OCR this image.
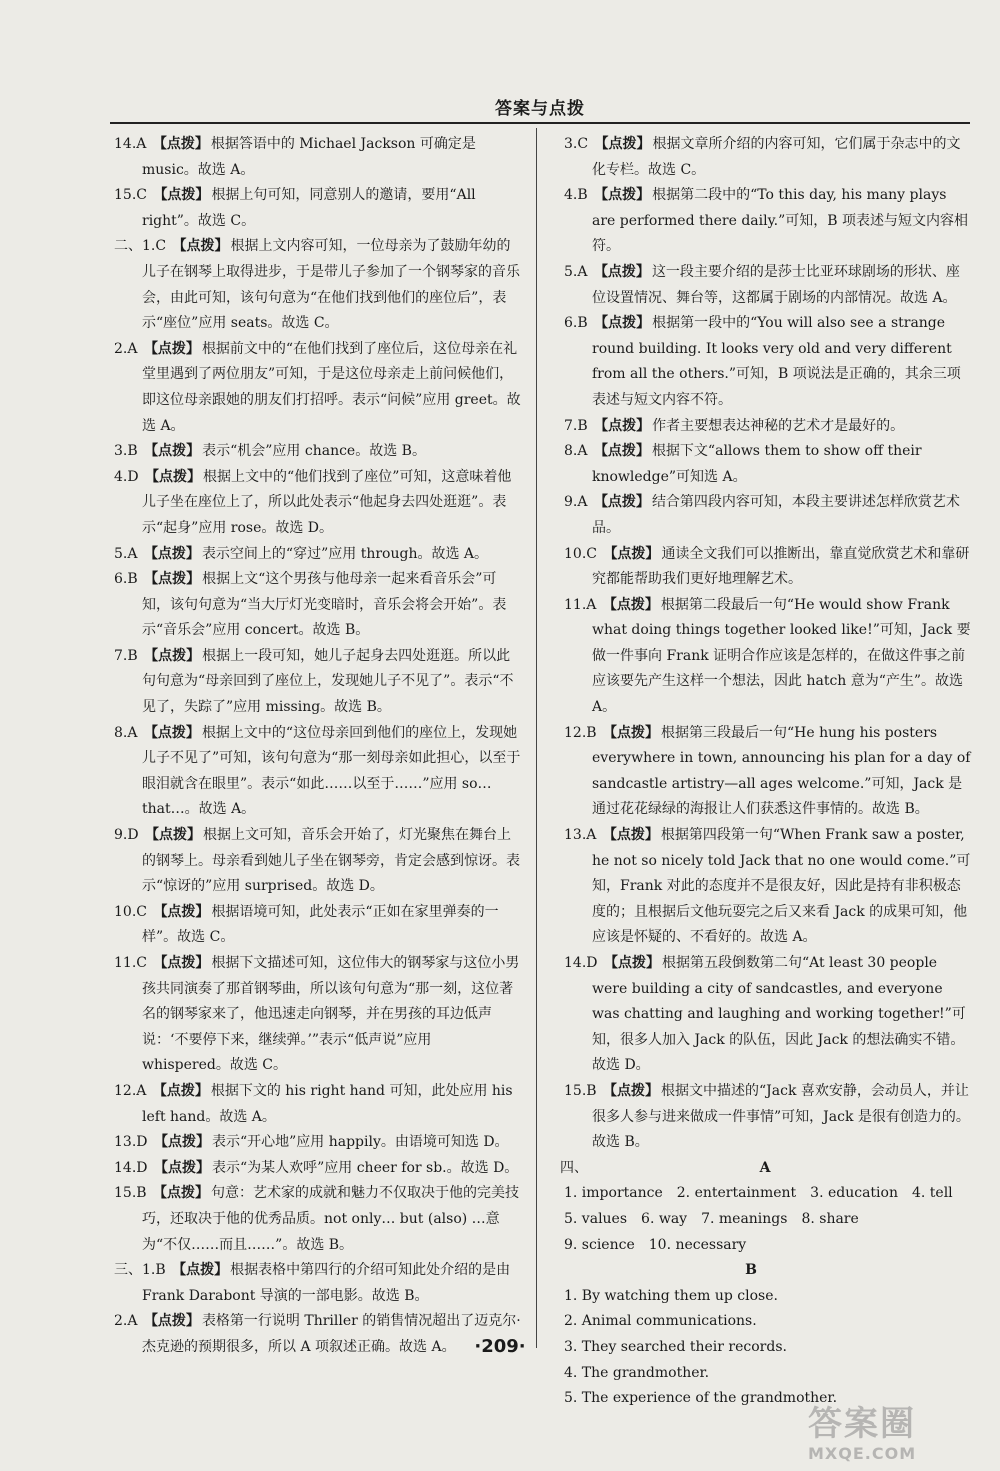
答案与点拨
14.A 【点拨】 根据答语中的 Michael Jackson 可确定是 music。故选 A。
15.C 【点拨】 根据上句可知，同意别人的邀请，要用“All right”。故选 C。
二、1.C 【点拨】 根据上文内容可知，一位母亲为了鼓励年幼的儿子在钢琴上取得进步，于是带儿子参加了一个钢琴家的音乐会，由此可知，该句句意为“在他们找到他们的座位后”，表示“座位”应用 seats。故选 C。
2.A 【点拨】 根据前文中的“在他们找到了座位后，这位母亲在礼堂里遇到了两位朋友”可知，于是这位母亲走上前问候他们，即这位母亲跟她的朋友们打招呼。表示“问候”应用 greet。故选 A。
3.B 【点拨】 表示“机会”应用 chance。故选 B。
4.D 【点拨】 根据上文中的“他们找到了座位”可知，这意味着他儿子坐在座位上了，所以此处表示“他起身去四处逛逛”。表示“起身”应用 rose。故选 D。
5.A 【点拨】 表示空间上的“穿过”应用 through。故选 A。
6.B 【点拨】 根据上文“这个男孩与他母亲一起来看音乐会”可知，该句句意为“当大厅灯光变暗时，音乐会将会开始”。表示“音乐会”应用 concert。故选 B。
7.B 【点拨】 根据上一段可知，她儿子起身去四处逛逛。所以此句句意为“母亲回到了座位上，发现她儿子不见了”。表示“不见了，失踪了”应用 missing。故选 B。
8.A 【点拨】 根据上文中的“这位母亲回到他们的座位上，发现她儿子不见了”可知，该句句意为“那一刻母亲如此担心，以至于眼泪就含在眼里”。表示“如此……以至于……”应用 so…that…。故选 A。
9.D 【点拨】 根据上文可知，音乐会开始了，灯光聚焦在舞台上的钢琴上。母亲看到她儿子坐在钢琴旁，肯定会感到惊讶。表示“惊讶的”应用 surprised。故选 D。
10.C 【点拨】 根据语境可知，此处表示“正如在家里弹奏的一样”。故选 C。
11.C 【点拨】 根据下文描述可知，这位伟大的钢琴家与这位小男孩共同演奏了那首钢琴曲，所以该句句意为“那一刻，这位著名的钢琴家来了，他迅速走向钢琴，并在男孩的耳边低声说：‘不要停下来，继续弹。’”表示“低声说”应用 whispered。故选 C。
12.A 【点拨】 根据下文的 his right hand 可知，此处应用 his left hand。故选 A。
13.D 【点拨】 表示“开心地”应用 happily。由语境可知选 D。
14.D 【点拨】 表示“为某人欢呼”应用 cheer for sb.。故选 D。
15.B 【点拨】 句意：艺术家的成就和魅力不仅取决于他的完美技巧，还取决于他的优秀品质。not only… but (also) …意为“不仅……而且……”。故选 B。
三、1.B 【点拨】 根据表格中第四行的介绍可知此处介绍的是由 Frank Darabont 导演的一部电影。故选 B。
2.A 【点拨】 表格第一行说明 Thriller 的销售情况超出了迈克尔·杰克逊的预期很多，所以 A 项叙述正确。故选 A。
3.C 【点拨】 根据文章所介绍的内容可知，它们属于杂志中的文化专栏。故选 C。
4.B 【点拨】 根据第二段中的“To this day, his many plays are performed there daily.”可知，B 项表述与短文内容相符。
5.A 【点拨】 这一段主要介绍的是莎士比亚环球剧场的形状、座位设置情况、舞台等，这都属于剧场的内部情况。故选 A。
6.B 【点拨】 根据第一段中的“You will also see a strange round building. It looks very old and very different from all the others.”可知，B 项说法是正确的，其余三项表述与短文内容不符。
7.B 【点拨】 作者主要想表达神秘的艺术才是最好的。
8.A 【点拨】 根据下文“allows them to show off their knowledge”可知选 A。
9.A 【点拨】 结合第四段内容可知，本段主要讲述怎样欣赏艺术品。
10.C 【点拨】 通读全文我们可以推断出，靠直觉欣赏艺术和靠研究都能帮助我们更好地理解艺术。
11.A 【点拨】 根据第二段最后一句“He would show Frank what doing things together looked like!”可知，Jack 要做一件事向 Frank 证明合作应该是怎样的，在做这件事之前应该要先产生这样一个想法，因此 hatch 意为“产生”。故选 A。
12.B 【点拨】 根据第三段最后一句“He hung his posters everywhere in town, announcing his plan for a day of sandcastle artistry—all ages welcome.”可知，Jack 是通过花花绿绿的海报让人们获悉这件事情的。故选 B。
13.A 【点拨】 根据第四段第一句“When Frank saw a poster, he not so nicely told Jack that no one would come.”可知，Frank 对此的态度并不是很友好，因此是持有非积极态度的；且根据后文他玩耍完之后又来看 Jack 的成果可知，他应该是怀疑的、不看好的。故选 A。
14.D 【点拨】 根据第五段倒数第二句“At least 30 people were building a city of sandcastles, and everyone was chatting and laughing and working together!”可知，很多人加入 Jack 的队伍，因此 Jack 的想法确实不错。故选 D。
15.B 【点拨】 根据文中描述的“Jack 喜欢安静，会动员人，并让很多人参与进来做成一件事情”可知，Jack 是很有创造力的。故选 B。
四、	A
1. importance 2. entertainment 3. education 4. tell
5. values 6. way 7. meanings 8. share
9. science 10. necessary
B
1. By watching them up close.
2. Animal communications.
3. They searched their records.
4. The grandmother.
5. The experience of the grandmother.
·209·
答案圈
MXQE.COM
